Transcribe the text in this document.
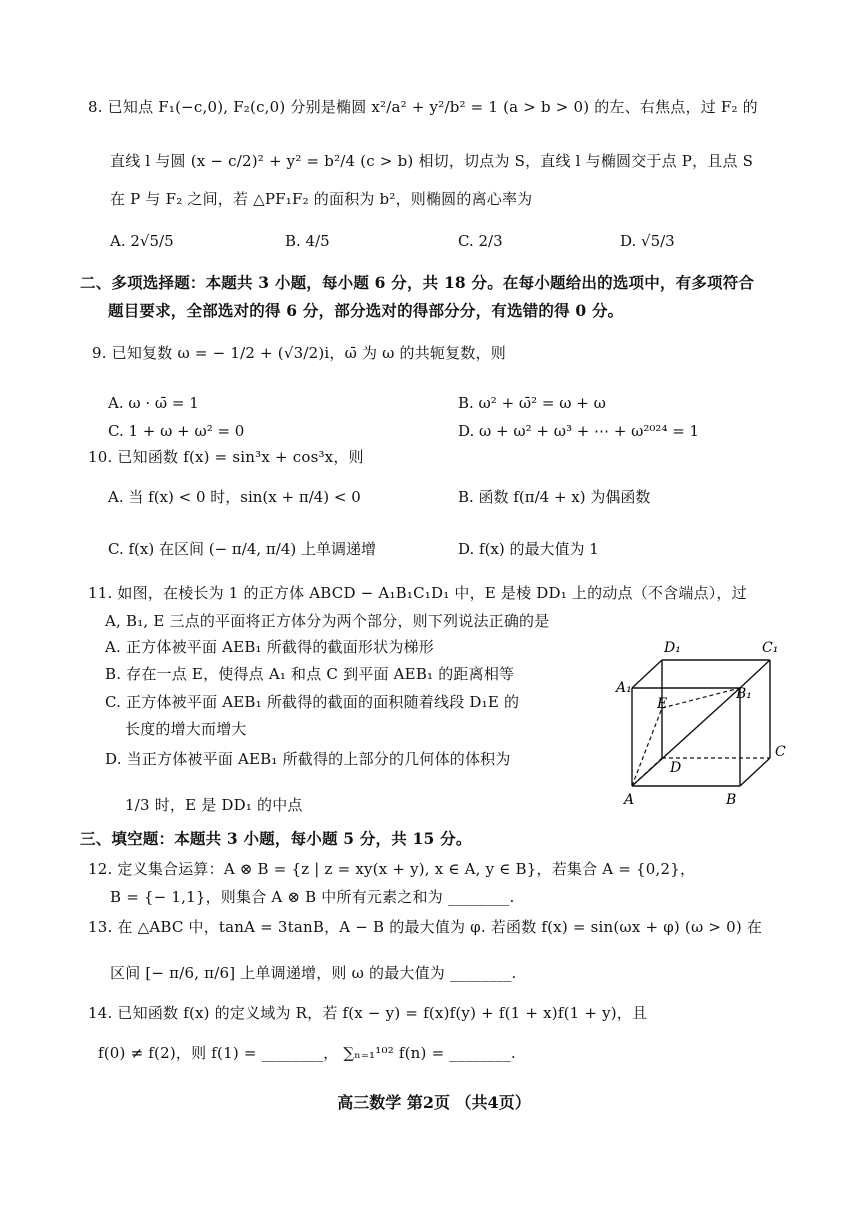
8. 已知点 F₁(−c,0), F₂(c,0) 分别是椭圆 x²/a² + y²/b² = 1 (a > b > 0) 的左、右焦点，过 F₂ 的
直线 l 与圆 (x − c/2)² + y² = b²/4 (c > b) 相切，切点为 S，直线 l 与椭圆交于点 P，且点 S
在 P 与 F₂ 之间，若 △PF₁F₂ 的面积为 b²，则椭圆的离心率为
A. 2√5/5	B. 4/5	C. 2/3	D. √5/3
二、多项选择题：本题共 3 小题，每小题 6 分，共 18 分。在每小题给出的选项中，有多项符合
题目要求，全部选对的得 6 分，部分选对的得部分分，有选错的得 0 分。
9. 已知复数 ω = − 1/2 + (√3/2)i，ω̄ 为 ω 的共轭复数，则
A. ω · ω̄ = 1	B. ω² + ω̄² = ω + ω
C. 1 + ω + ω² = 0	D. ω + ω² + ω³ + ⋯ + ω²⁰²⁴ = 1
10. 已知函数 f(x) = sin³x + cos³x，则
A. 当 f(x) < 0 时，sin(x + π/4) < 0	B. 函数 f(π/4 + x) 为偶函数
C. f(x) 在区间 (− π/4, π/4) 上单调递增	D. f(x) 的最大值为 1
11. 如图，在棱长为 1 的正方体 ABCD − A₁B₁C₁D₁ 中，E 是棱 DD₁ 上的动点（不含端点），过
A, B₁, E 三点的平面将正方体分为两个部分，则下列说法正确的是
A. 正方体被平面 AEB₁ 所截得的截面形状为梯形
B. 存在一点 E，使得点 A₁ 和点 C 到平面 AEB₁ 的距离相等
C. 正方体被平面 AEB₁ 所截得的截面的面积随着线段 D₁E 的
长度的增大而增大
D. 当正方体被平面 AEB₁ 所截得的上部分的几何体的体积为
1/3 时，E 是 DD₁ 的中点
D₁	C₁
A₁	B₁
E
D
C
A	B
三、填空题：本题共 3 小题，每小题 5 分，共 15 分。
12. 定义集合运算：A ⊗ B = {z | z = xy(x + y), x ∈ A, y ∈ B}，若集合 A = {0,2}，
B = {− 1,1}，则集合 A ⊗ B 中所有元素之和为 ________.
13. 在 △ABC 中，tanA = 3tanB，A − B 的最大值为 φ. 若函数 f(x) = sin(ωx + φ) (ω > 0) 在
区间 [− π/6, π/6] 上单调递增，则 ω 的最大值为 ________.
14. 已知函数 f(x) 的定义域为 R，若 f(x − y) = f(x)f(y) + f(1 + x)f(1 + y)，且
f(0) ≠ f(2)，则 f(1) = ________， ∑ₙ₌₁¹⁰² f(n) = ________.
高三数学 第2页 （共4页）
